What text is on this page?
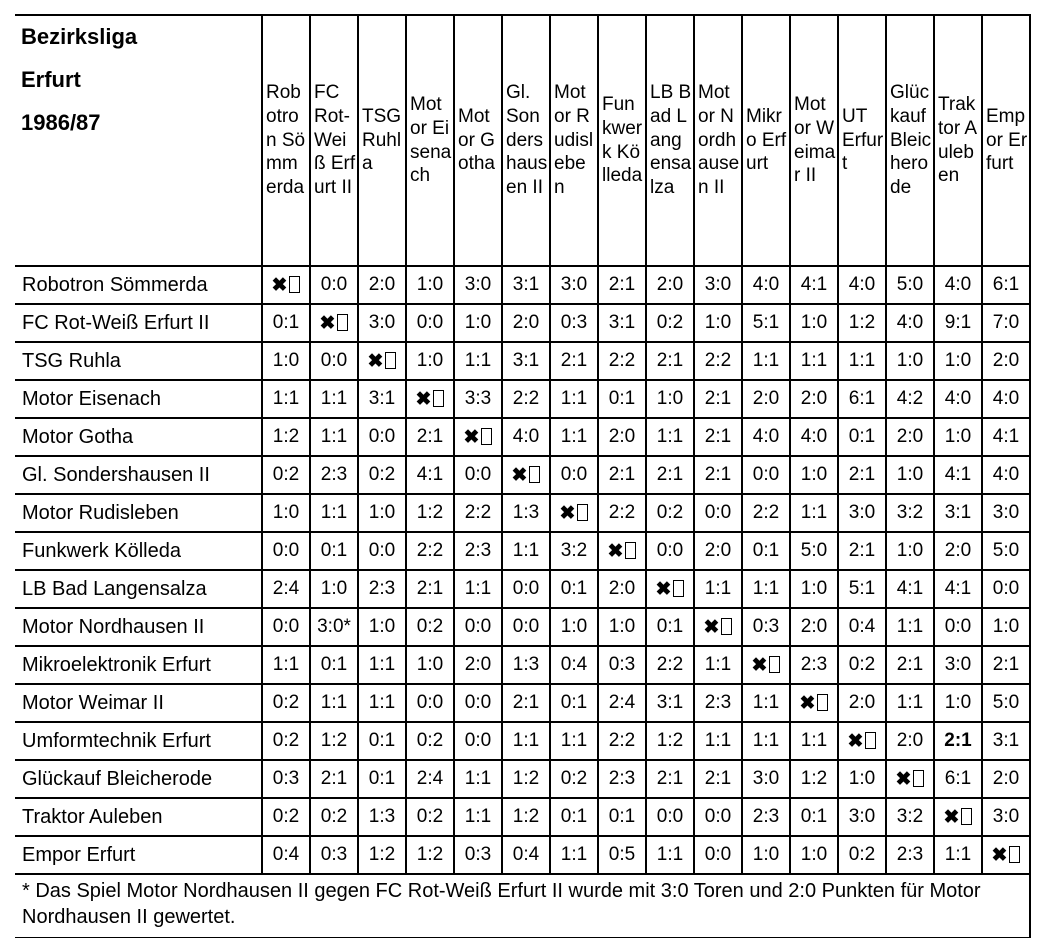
Bezirksliga
Erfurt
1986/87	Robotron Sömmerda	FC Rot-Weiß Erfurt II	TSG Ruhla	Motor Eisenach	Motor Gotha	Gl. Sondershausen II	Motor Rudisleben	Funkwerk Kölleda	LB Bad Langensalza	Motor Nordhausen II	Mikro Erfurt	Motor Weimar II	UT Erfurt	Glückauf Bleicherode	Traktor Auleben	Empor Erfurt
Robotron Sömmerda	✖	0:0	2:0	1:0	3:0	3:1	3:0	2:1	2:0	3:0	4:0	4:1	4:0	5:0	4:0	6:1
FC Rot-Weiß Erfurt II	0:1	✖	3:0	0:0	1:0	2:0	0:3	3:1	0:2	1:0	5:1	1:0	1:2	4:0	9:1	7:0
TSG Ruhla	1:0	0:0	✖	1:0	1:1	3:1	2:1	2:2	2:1	2:2	1:1	1:1	1:1	1:0	1:0	2:0
Motor Eisenach	1:1	1:1	3:1	✖	3:3	2:2	1:1	0:1	1:0	2:1	2:0	2:0	6:1	4:2	4:0	4:0
Motor Gotha	1:2	1:1	0:0	2:1	✖	4:0	1:1	2:0	1:1	2:1	4:0	4:0	0:1	2:0	1:0	4:1
Gl. Sondershausen II	0:2	2:3	0:2	4:1	0:0	✖	0:0	2:1	2:1	2:1	0:0	1:0	2:1	1:0	4:1	4:0
Motor Rudisleben	1:0	1:1	1:0	1:2	2:2	1:3	✖	2:2	0:2	0:0	2:2	1:1	3:0	3:2	3:1	3:0
Funkwerk Kölleda	0:0	0:1	0:0	2:2	2:3	1:1	3:2	✖	0:0	2:0	0:1	5:0	2:1	1:0	2:0	5:0
LB Bad Langensalza	2:4	1:0	2:3	2:1	1:1	0:0	0:1	2:0	✖	1:1	1:1	1:0	5:1	4:1	4:1	0:0
Motor Nordhausen II	0:0	3:0*	1:0	0:2	0:0	0:0	1:0	1:0	0:1	✖	0:3	2:0	0:4	1:1	0:0	1:0
Mikroelektronik Erfurt	1:1	0:1	1:1	1:0	2:0	1:3	0:4	0:3	2:2	1:1	✖	2:3	0:2	2:1	3:0	2:1
Motor Weimar II	0:2	1:1	1:1	0:0	0:0	2:1	0:1	2:4	3:1	2:3	1:1	✖	2:0	1:1	1:0	5:0
Umformtechnik Erfurt	0:2	1:2	0:1	0:2	0:0	1:1	1:1	2:2	1:2	1:1	1:1	1:1	✖	2:0	2:1	3:1
Glückauf Bleicherode	0:3	2:1	0:1	2:4	1:1	1:2	0:2	2:3	2:1	2:1	3:0	1:2	1:0	✖	6:1	2:0
Traktor Auleben	0:2	0:2	1:3	0:2	1:1	1:2	0:1	0:1	0:0	0:0	2:3	0:1	3:0	3:2	✖	3:0
Empor Erfurt	0:4	0:3	1:2	1:2	0:3	0:4	1:1	0:5	1:1	0:0	1:0	1:0	0:2	2:3	1:1	✖
* Das Spiel Motor Nordhausen II gegen FC Rot-Weiß Erfurt II wurde mit 3:0 Toren und 2:0 Punkten für Motor Nordhausen II gewertet.																
